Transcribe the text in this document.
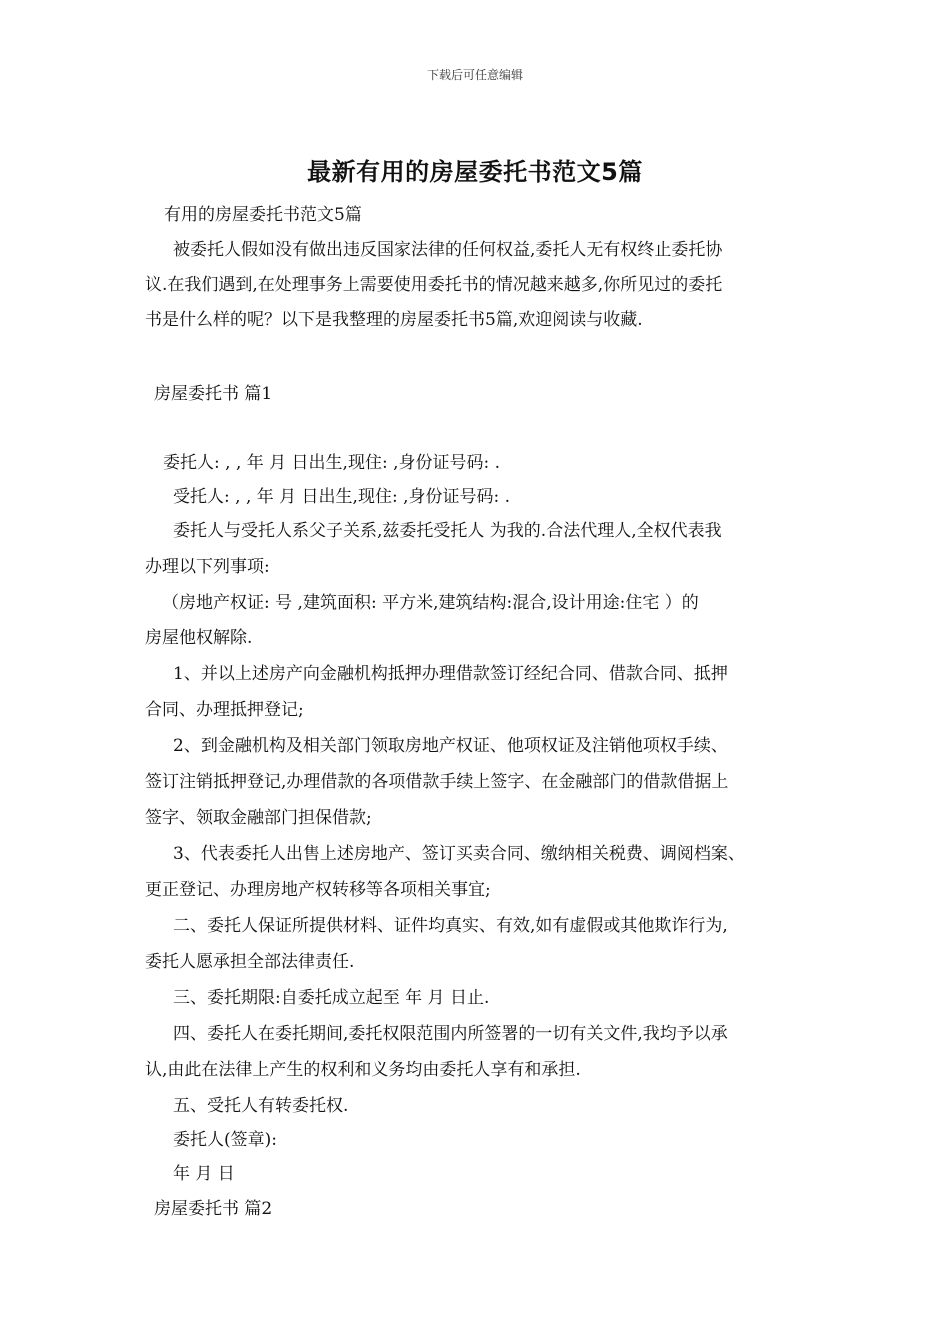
下载后可任意编辑
最新有用的房屋委托书范文5篇
有用的房屋委托书范文5篇
被委托人假如没有做出违反国家法律的任何权益,委托人无有权终止委托协
议.在我们遇到,在处理事务上需要使用委托书的情况越来越多,你所见过的委托
书是什么样的呢？以下是我整理的房屋委托书5篇,欢迎阅读与收藏.
房屋委托书 篇1
委托人: , , 年 月 日出生,现住: ,身份证号码: .
受托人: , , 年 月 日出生,现住: ,身份证号码: .
委托人与受托人系父子关系,兹委托受托人 为我的.合法代理人,全权代表我
办理以下列事项:
（房地产权证: 号 ,建筑面积: 平方米,建筑结构:混合,设计用途:住宅 ）的
房屋他权解除.
1、并以上述房产向金融机构抵押办理借款签订经纪合同、借款合同、抵押
合同、办理抵押登记;
2、到金融机构及相关部门领取房地产权证、他项权证及注销他项权手续、
签订注销抵押登记,办理借款的各项借款手续上签字、在金融部门的借款借据上
签字、领取金融部门担保借款;
3、代表委托人出售上述房地产、签订买卖合同、缴纳相关税费、调阅档案、
更正登记、办理房地产权转移等各项相关事宜;
二、委托人保证所提供材料、证件均真实、有效,如有虚假或其他欺诈行为,
委托人愿承担全部法律责任.
三、委托期限:自委托成立起至 年 月 日止.
四、委托人在委托期间,委托权限范围内所签署的一切有关文件,我均予以承
认,由此在法律上产生的权利和义务均由委托人享有和承担.
五、受托人有转委托权.
委托人(签章):
年 月 日
房屋委托书 篇2
